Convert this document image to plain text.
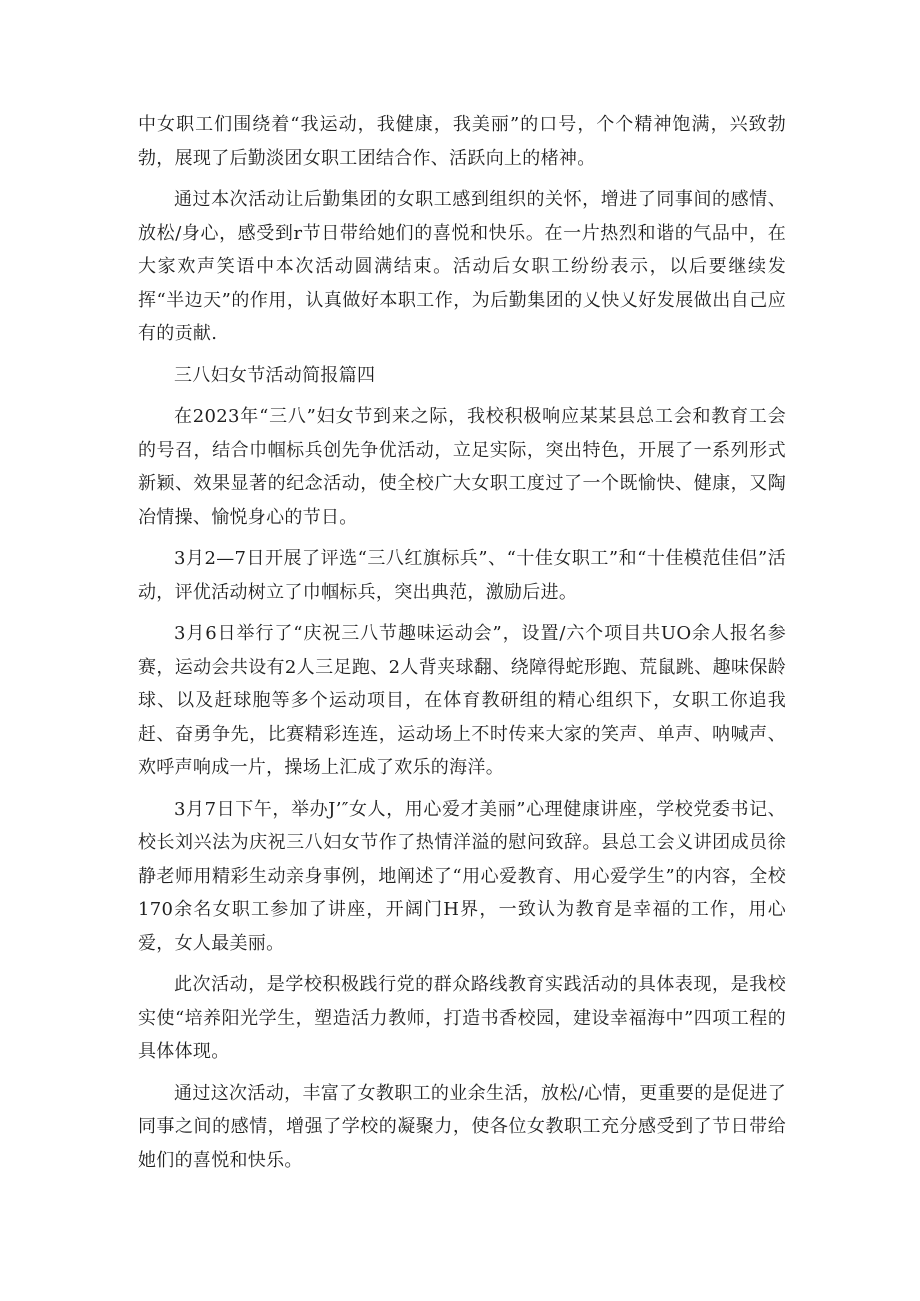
中女职工们围绕着“我运动，我健康，我美丽”的口号，个个精神饱满，兴致勃勃，展现了后勤淡团女职工团结合作、活跃向上的楮神。

通过本次活动让后勤集团的女职工感到组织的关怀，增进了同事间的感情、放松/身心，感受到r节日带给她们的喜悦和快乐。在一片热烈和谐的气品中，在大家欢声笑语中本次活动圆满结束。活动后女职工纷纷表示，以后要继续发挥“半边天”的作用，认真做好本职工作，为后勤集团的乂快乂好发展做出自己应有的贡献.

三八妇女节活动简报篇四

在2023年“三八”妇女节到来之际，我校积极响应某某县总工会和教育工会的号召，结合巾帼标兵创先争优活动，立足实际，突出特色，开展了一系列形式新颖、效果显著的纪念活动，使全校广大女职工度过了一个既愉快、健康，又陶冶情操、愉悦身心的节日。

3月2—7日开展了评选“三八红旗标兵”、“十佳女职工”和“十佳模范佳侣”活动，评优活动树立了巾帼标兵，突出典范，激励后进。

3月6日举行了“庆祝三八节趣味运动会”，设置/六个项目共UO余人报名参赛，运动会共设有2人三足跑、2人背夹球翻、绕障得蛇形跑、荒鼠跳、趣味保龄球、以及赶球胞等多个运动项目，在体育教研组的精心组织下，女职工你追我赶、奋勇争先，比赛精彩连连，运动场上不时传来大家的笑声、单声、呐喊声、欢呼声响成一片，操场上汇成了欢乐的海洋。

3月7日下午，举办J’″女人，用心爱才美丽”心理健康讲座，学校党委书记、校长刘兴法为庆祝三八妇女节作了热情洋溢的慰问致辞。县总工会义讲团成员徐静老师用精彩生动亲身事例，地阐述了“用心爱教育、用心爱学生”的内容，全校170余名女职工参加了讲座，开阔门H界，一致认为教育是幸福的工作，用心爱，女人最美丽。

此次活动，是学校积极践行党的群众路线教育实践活动的具体表现，是我校实使“培养阳光学生，塑造活力教师，打造书香校园，建设幸福海中”四项工程的具体体现。

通过这次活动，丰富了女教职工的业余生活，放松/心情，更重要的是促进了同事之间的感情，增强了学校的凝聚力，使各位女教职工充分感受到了节日带给她们的喜悦和快乐。
